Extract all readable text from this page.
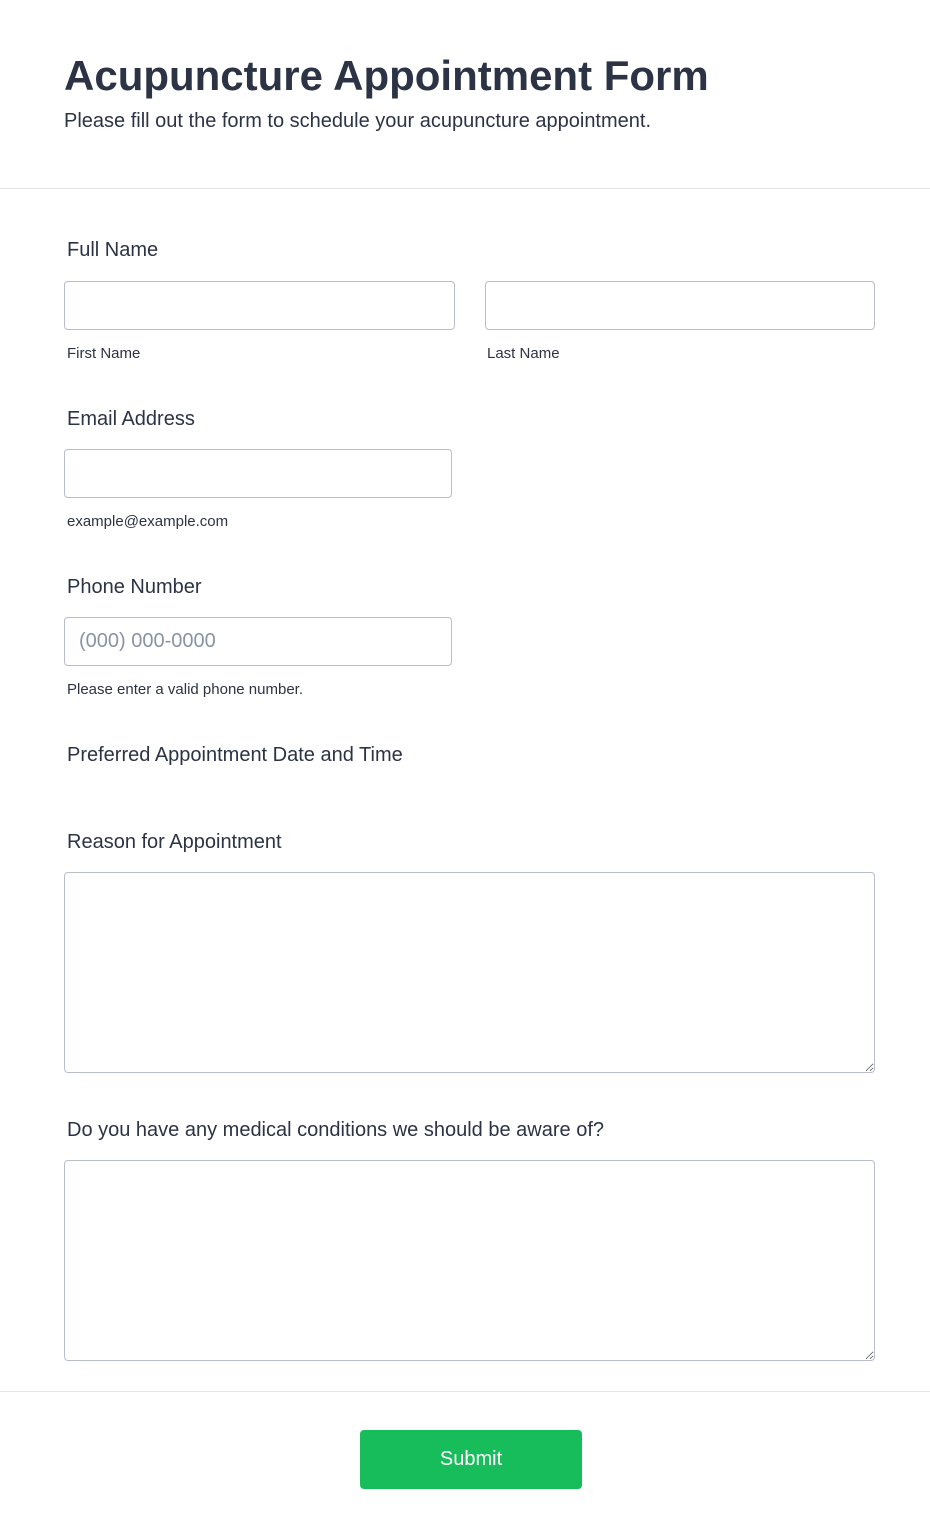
Acupuncture Appointment Form
Please fill out the form to schedule your acupuncture appointment.
Full Name
First Name	Last Name
Email Address
example@example.com
Phone Number
(000) 000-0000
Please enter a valid phone number.
Preferred Appointment Date and Time
Reason for Appointment
Do you have any medical conditions we should be aware of?
Submit
